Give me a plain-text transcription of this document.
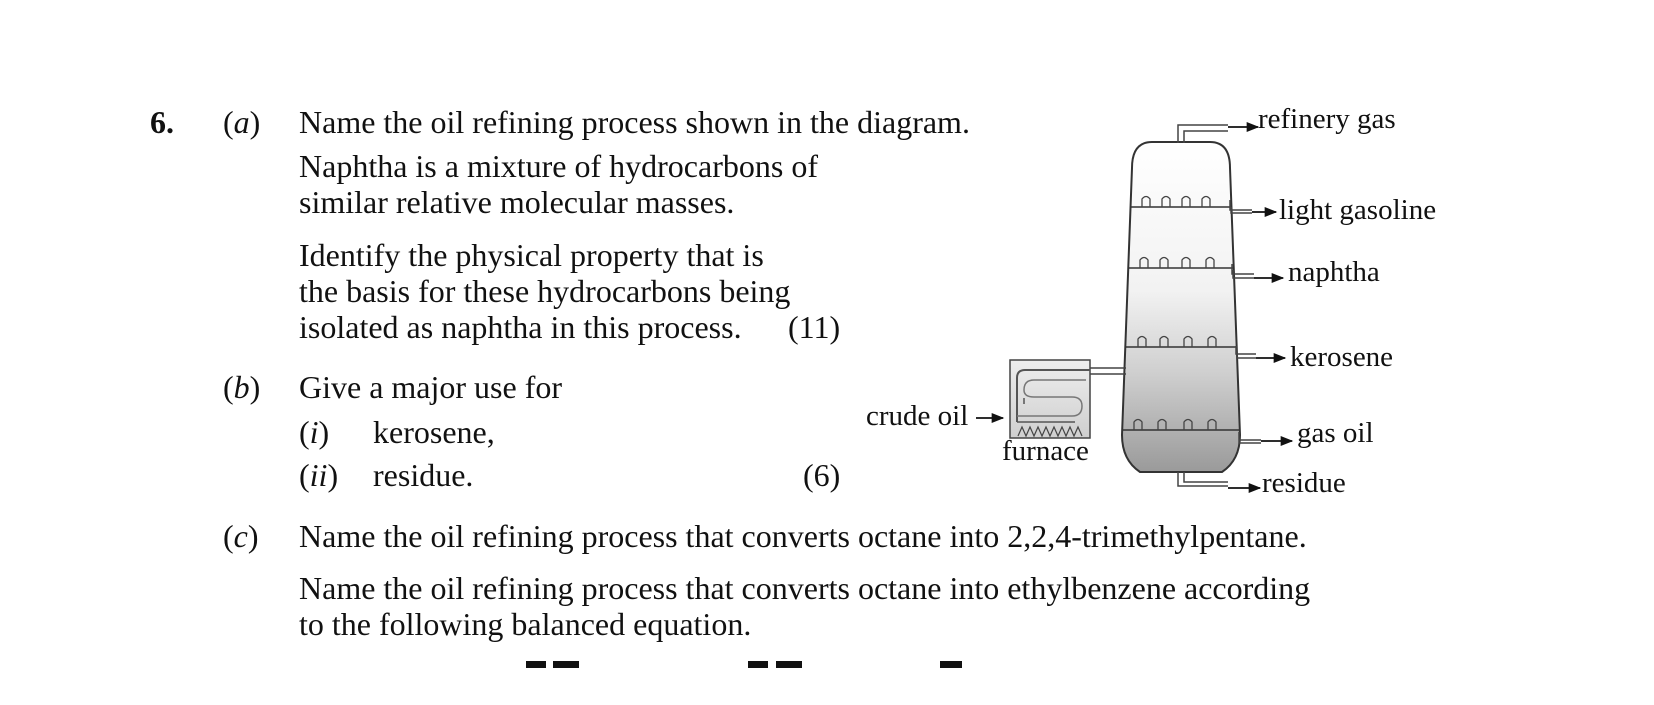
6. (a) Name the oil refining process shown in the diagram.
Naphtha is a mixture of hydrocarbons of
similar relative molecular masses.
Identify the physical property that is
the basis for these hydrocarbons being
isolated as naphtha in this process. (11)
(b) Give a major use for
(i) kerosene,
(ii) residue.	(6)
(c) Name the oil refining process that converts octane into 2,2,4-trimethylpentane.
Name the oil refining process that converts octane into ethylbenzene according
to the following balanced equation.
refinery gas
light gasoline
naphtha
kerosene
gas oil
residue
crude oil
furnace
